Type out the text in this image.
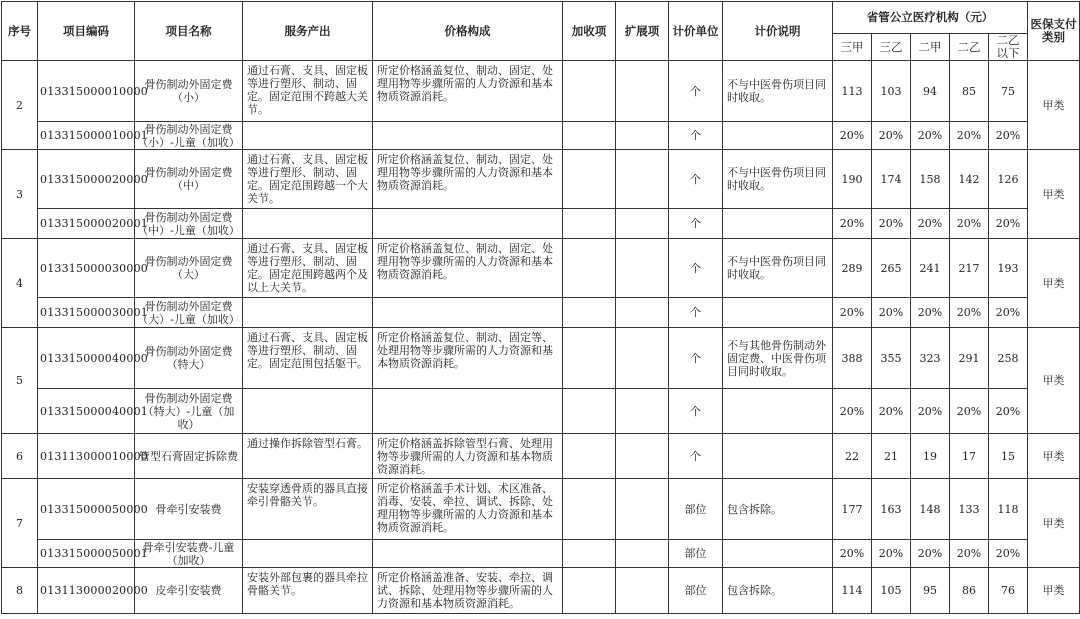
序号	项目编码	项目名称	服务产出	价格构成	加收项	扩展项	计价单位	计价说明	省管公立医疗机构（元）					医保支付类别
									三甲	三乙	二甲	二乙	二乙以下	
2	013315000010000	骨伤制动外固定费（小）	通过石膏、支具、固定板等进行塑形、制动、固定。固定范围不跨越大关节。	所定价格涵盖复位、制动、固定、处理用物等步骤所需的人力资源和基本物质资源消耗。			个	不与中医骨伤项目同时收取。	113	103	94	85	75	甲类
	013315000010001	骨伤制动外固定费（小）-儿童（加收）					个		20%	20%	20%	20%	20%	
3	013315000020000	骨伤制动外固定费（中）	通过石膏、支具、固定板等进行塑形、制动、固定。固定范围跨越一个大关节。	所定价格涵盖复位、制动、固定、处理用物等步骤所需的人力资源和基本物质资源消耗。			个	不与中医骨伤项目同时收取。	190	174	158	142	126	甲类
	013315000020001	骨伤制动外固定费（中）-儿童（加收）					个		20%	20%	20%	20%	20%	
4	013315000030000	骨伤制动外固定费（大）	通过石膏、支具、固定板等进行塑形、制动、固定。固定范围跨越两个及以上大关节。	所定价格涵盖复位、制动、固定、处理用物等步骤所需的人力资源和基本物质资源消耗。			个	不与中医骨伤项目同时收取。	289	265	241	217	193	甲类
	013315000030001	骨伤制动外固定费（大）-儿童（加收）					个		20%	20%	20%	20%	20%	
5	013315000040000	骨伤制动外固定费（特大）	通过石膏、支具、固定板等进行塑形、制动、固定。固定范围包括躯干。	所定价格涵盖复位、制动、固定等、处理用物等步骤所需的人力资源和基本物质资源消耗。			个	不与其他骨伤制动外固定费、中医骨伤项目同时收取。	388	355	323	291	258	甲类
	013315000040001	骨伤制动外固定费（特大）-儿童（加收）					个		20%	20%	20%	20%	20%	
6	013113000010000	管型石膏固定拆除费	通过操作拆除管型石膏。	所定价格涵盖拆除管型石膏、处理用物等步骤所需的人力资源和基本物质资源消耗。			个		22	21	19	17	15	甲类
7	013315000050000	骨牵引安装费	安装穿透骨质的器具直接牵引骨骼关节。	所定价格涵盖手术计划、术区准备、消毒、安装、牵拉、调试、拆除、处理用物等步骤所需的人力资源和基本物质资源消耗。			部位	包含拆除。	177	163	148	133	118	甲类
	013315000050001	骨牵引安装费-儿童（加收）					部位		20%	20%	20%	20%	20%	
8	013113000020000	皮牵引安装费	安装外部包裹的器具牵拉骨骼关节。	所定价格涵盖准备、安装、牵拉、调试、拆除、处理用物等步骤所需的人力资源和基本物质资源消耗。			部位	包含拆除。	114	105	95	86	76	甲类
